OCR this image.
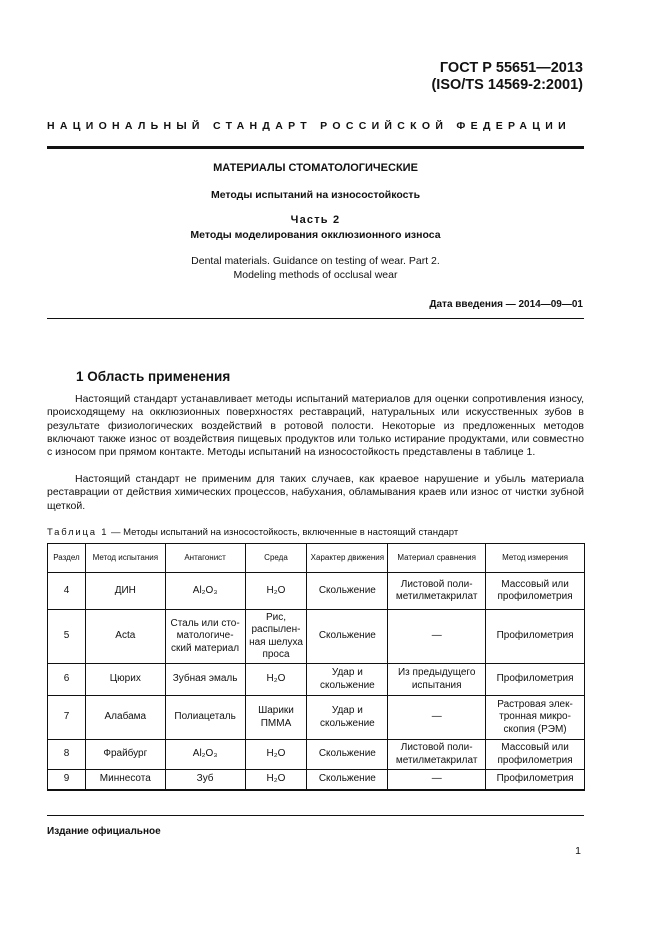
ГОСТ Р 55651—2013
(ISO/TS 14569-2:2001)
НАЦИОНАЛЬНЫЙ СТАНДАРТ РОССИЙСКОЙ ФЕДЕРАЦИИ
МАТЕРИАЛЫ СТОМАТОЛОГИЧЕСКИЕ
Методы испытаний на износостойкость
Часть 2
Методы моделирования окклюзионного износа
Dental materials. Guidance on testing of wear. Part 2.
Modeling methods of occlusal wear
Дата введения — 2014—09—01
1 Область применения

Настоящий стандарт устанавливает методы испытаний материалов для оценки сопротивления износу, происходящему на окклюзионных поверхностях реставраций, натуральных или искусственных зубов в результате физиологических воздействий в ротовой полости. Некоторые из предложенных методов включают также износ от воздействия пищевых продуктов или только истирание продуктами, или совместно с износом при прямом контакте. Методы испытаний на износостойкость представлены в таблице 1.

Настоящий стандарт не применим для таких случаев, как краевое нарушение и убыль материала реставрации от действия химических процессов, набухания, обламывания краев или износ от чистки зубной щеткой.

Таблица 1 — Методы испытаний на износостойкость, включенные в настоящий стандарт
Раздел	Метод испытания	Антагонист	Среда	Характер движения	Материал сравнения	Метод измерения
4	ДИН	Al₂O₃	H₂O	Скольжение	Листовой поли-метилметакрилат	Массовый или профилометрия
5	Acta	Сталь или сто-матологиче-ский материал	Рис, распылен-ная шелуха проса	Скольжение	—	Профилометрия
6	Цюрих	Зубная эмаль	H₂O	Удар и скольжение	Из предыдущего испытания	Профилометрия
7	Алабама	Полиацеталь	Шарики ПММА	Удар и скольжение	—	Растровая элек-тронная микро-скопия (РЭМ)
8	Фрайбург	Al₂O₃	H₂O	Скольжение	Листовой поли-метилметакрилат	Массовый или профилометрия
9	Миннесота	Зуб	H₂O	Скольжение	—	Профилометрия
Издание официальное
1
